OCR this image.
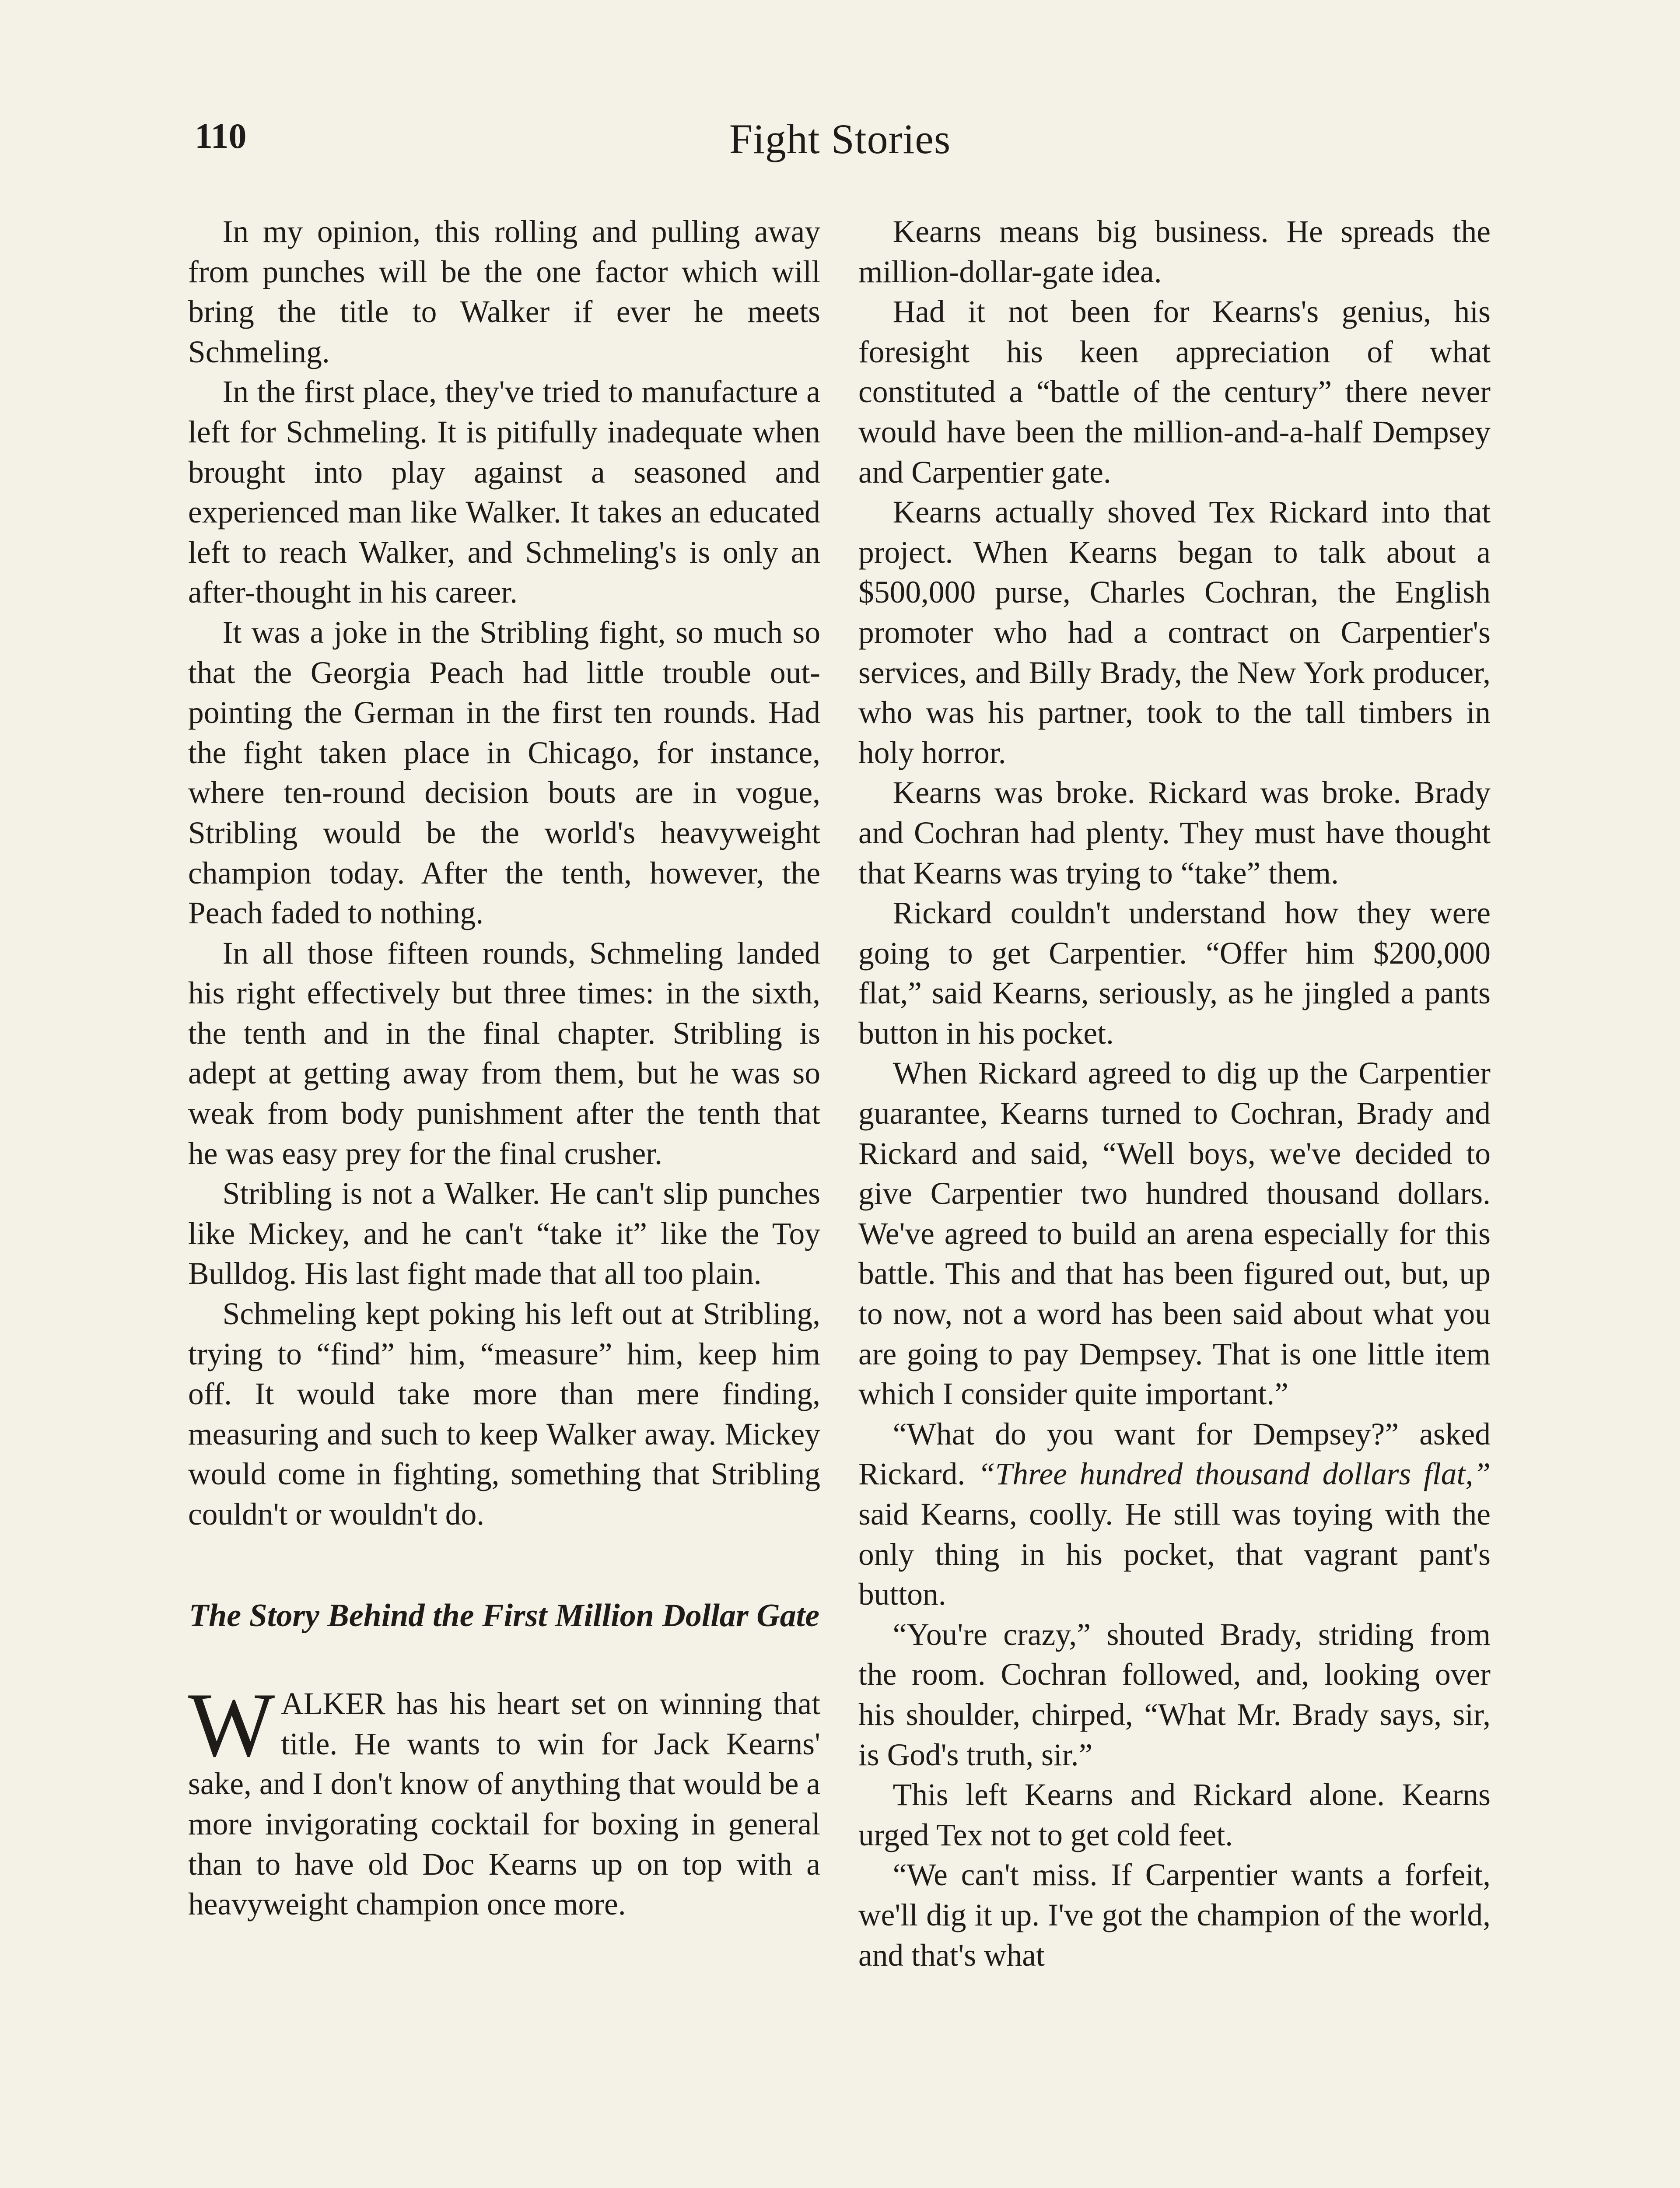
110	Fight Stories

In my opinion, this rolling and pulling away from punches will be the one factor which will bring the title to Walker if ever he meets Schmeling.

In the first place, they've tried to manufacture a left for Schmeling. It is pitifully inadequate when brought into play against a seasoned and experienced man like Walker. It takes an educated left to reach Walker, and Schmeling's is only an after-thought in his career.

It was a joke in the Stribling fight, so much so that the Georgia Peach had little trouble out-pointing the German in the first ten rounds. Had the fight taken place in Chicago, for instance, where ten-round decision bouts are in vogue, Stribling would be the world's heavyweight champion today. After the tenth, however, the Peach faded to nothing.

In all those fifteen rounds, Schmeling landed his right effectively but three times: in the sixth, the tenth and in the final chapter. Stribling is adept at getting away from them, but he was so weak from body punishment after the tenth that he was easy prey for the final crusher.

Stribling is not a Walker. He can't slip punches like Mickey, and he can't “take it” like the Toy Bulldog. His last fight made that all too plain.

Schmeling kept poking his left out at Stribling, trying to “find” him, “measure” him, keep him off. It would take more than mere finding, measuring and such to keep Walker away. Mickey would come in fighting, something that Stribling couldn't or wouldn't do.

The Story Behind the First Million Dollar Gate

WALKER has his heart set on winning that title. He wants to win for Jack Kearns' sake, and I don't know of anything that would be a more invigorating cocktail for boxing in general than to have old Doc Kearns up on top with a heavyweight champion once more.

Kearns means big business. He spreads the million-dollar-gate idea.

Had it not been for Kearns's genius, his foresight his keen appreciation of what constituted a “battle of the century” there never would have been the million-and-a-half Dempsey and Carpentier gate.

Kearns actually shoved Tex Rickard into that project. When Kearns began to talk about a $500,000 purse, Charles Cochran, the English promoter who had a contract on Carpentier's services, and Billy Brady, the New York producer, who was his partner, took to the tall timbers in holy horror.

Kearns was broke. Rickard was broke. Brady and Cochran had plenty. They must have thought that Kearns was trying to “take” them.

Rickard couldn't understand how they were going to get Carpentier. “Offer him $200,000 flat,” said Kearns, seriously, as he jingled a pants button in his pocket.

When Rickard agreed to dig up the Carpentier guarantee, Kearns turned to Cochran, Brady and Rickard and said, “Well boys, we've decided to give Carpentier two hundred thousand dollars. We've agreed to build an arena especially for this battle. This and that has been figured out, but, up to now, not a word has been said about what you are going to pay Dempsey. That is one little item which I consider quite important.”

“What do you want for Dempsey?” asked Rickard. “Three hundred thousand dollars flat,” said Kearns, coolly. He still was toying with the only thing in his pocket, that vagrant pant's button.

“You're crazy,” shouted Brady, striding from the room. Cochran followed, and, looking over his shoulder, chirped, “What Mr. Brady says, sir, is God's truth, sir.”

This left Kearns and Rickard alone. Kearns urged Tex not to get cold feet.

“We can't miss. If Carpentier wants a forfeit, we'll dig it up. I've got the champion of the world, and that's what
